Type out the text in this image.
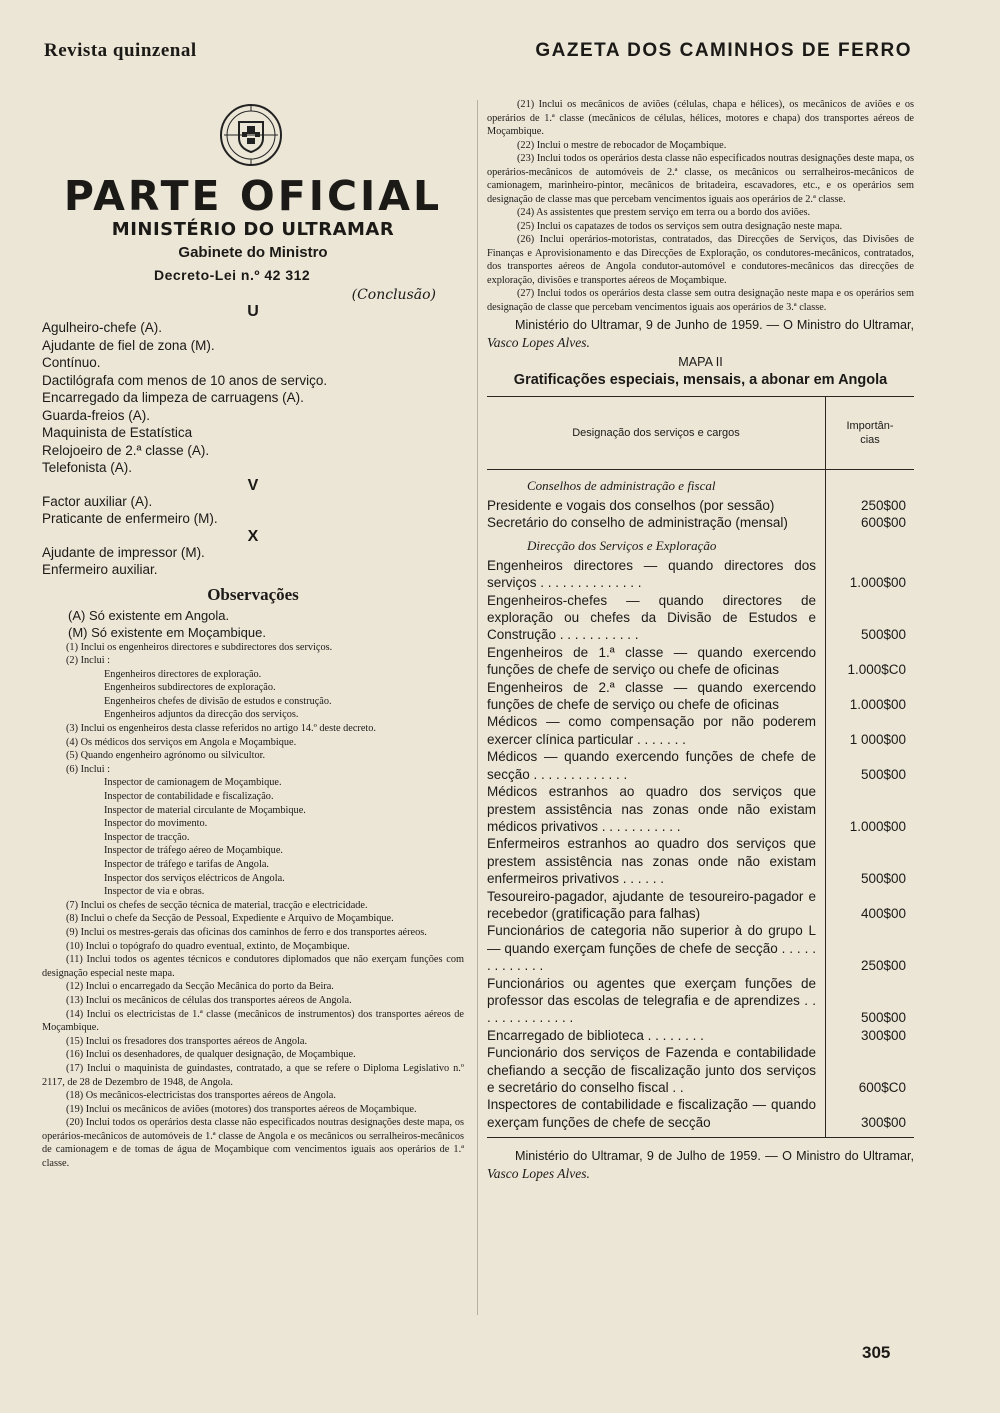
Revista quinzenal	GAZETA DOS CAMINHOS DE FERRO
PARTE OFICIAL
MINISTÉRIO DO ULTRAMAR
Gabinete do Ministro
Decreto-Lei n.º 42 312
(Conclusão)
U
Agulheiro-chefe (A).
Ajudante de fiel de zona (M).
Contínuo.
Dactilógrafa com menos de 10 anos de serviço.
Encarregado da limpeza de carruagens (A).
Guarda-freios (A).
Maquinista de Estatística
Relojoeiro de 2.ª classe (A).
Telefonista (A).
V
Factor auxiliar (A).
Praticante de enfermeiro (M).
X
Ajudante de impressor (M).
Enfermeiro auxiliar.
Observações
(A) Só existente em Angola.
(M) Só existente em Moçambique.
(1) Inclui os engenheiros directores e subdirectores dos serviços.
(2) Inclui :
Engenheiros directores de exploração.
Engenheiros subdirectores de exploração.
Engenheiros chefes de divisão de estudos e construção.
Engenheiros adjuntos da direcção dos serviços.
(3) Inclui os engenheiros desta classe referidos no artigo 14.º deste decreto.
(4) Os médicos dos serviços em Angola e Moçambique.
(5) Quando engenheiro agrónomo ou silvicultor.
(6) Inclui :
Inspector de camionagem de Moçambique.
Inspector de contabilidade e fiscalização.
Inspector de material circulante de Moçambique.
Inspector do movimento.
Inspector de tracção.
Inspector de tráfego aéreo de Moçambique.
Inspector de tráfego e tarifas de Angola.
Inspector dos serviços eléctricos de Angola.
Inspector de via e obras.
(7) Inclui os chefes de secção técnica de material, tracção e electricidade.
(8) Inclui o chefe da Secção de Pessoal, Expediente e Arquivo de Moçambique.
(9) Inclui os mestres-gerais das oficinas dos caminhos de ferro e dos transportes aéreos.
(10) Inclui o topógrafo do quadro eventual, extinto, de Moçambique.
(11) Inclui todos os agentes técnicos e condutores diplomados que não exerçam funções com designação especial neste mapa.
(12) Inclui o encarregado da Secção Mecânica do porto da Beira.
(13) Inclui os mecânicos de células dos transportes aéreos de Angola.
(14) Inclui os electricistas de 1.ª classe (mecânicos de instrumentos) dos transportes aéreos de Moçambique.
(15) Inclui os fresadores dos transportes aéreos de Angola.
(16) Inclui os desenhadores, de qualquer designação, de Moçambique.
(17) Inclui o maquinista de guindastes, contratado, a que se refere o Diploma Legislativo n.º 2117, de 28 de Dezembro de 1948, de Angola.
(18) Os mecânicos-electricistas dos transportes aéreos de Angola.
(19) Inclui os mecânicos de aviões (motores) dos transportes aéreos de Moçambique.
(20) Inclui todos os operários desta classe não especificados noutras designações deste mapa, os operários-mecânicos de automóveis de 1.ª classe de Angola e os mecânicos ou serralheiros-mecânicos de camionagem e de tomas de água de Moçambique com vencimentos iguais aos operários de 1.ª classe.
(21) Inclui os mecânicos de aviões (células, chapa e hélices), os mecânicos de aviões e os operários de 1.ª classe (mecânicos de células, hélices, motores e chapa) dos transportes aéreos de Moçambique.
(22) Inclui o mestre de rebocador de Moçambique.
(23) Inclui todos os operários desta classe não especificados noutras designações deste mapa, os operários-mecânicos de automóveis de 2.ª classe, os mecânicos ou serralheiros-mecânicos de camionagem, marinheiro-pintor, mecânicos de britadeira, escavadores, etc., e os operários sem designação de classe mas que percebam vencimentos iguais aos operários de 2.ª classe.
(24) As assistentes que prestem serviço em terra ou a bordo dos aviões.
(25) Inclui os capatazes de todos os serviços sem outra designação neste mapa.
(26) Inclui operários-motoristas, contratados, das Direcções de Serviços, das Divisões de Finanças e Aprovisionamento e das Direcções de Exploração, os condutores-mecânicos, contratados, dos transportes aéreos de Angola condutor-automóvel e condutores-mecânicos das direcções de exploração, divisões e transportes aéreos de Moçambique.
(27) Inclui todos os operários desta classe sem outra designação neste mapa e os operários sem designação de classe que percebam vencimentos iguais aos operários de 3.ª classe.
Ministério do Ultramar, 9 de Junho de 1959. — O Ministro do Ultramar, Vasco Lopes Alves.
MAPA II
Gratificações especiais, mensais, a abonar em Angola
Designação dos serviços e cargos
Importân-
cias
Conselhos de administração e fiscal
Presidente e vogais dos conselhos (por sessão)	250$00
Secretário do conselho de administração (mensal)	600$00
Direcção dos Serviços e Exploração
Engenheiros directores — quando directores dos serviços . . . . . . . . . . . . . .	1.000$00
Engenheiros-chefes — quando directores de exploração ou chefes da Divisão de Estudos e Construção . . . . . . . . . . .	500$00
Engenheiros de 1.ª classe — quando exercendo funções de chefe de serviço ou chefe de oficinas	1.000$C0
Engenheiros de 2.ª classe — quando exercendo funções de chefe de serviço ou chefe de oficinas	1.000$00
Médicos — como compensação por não poderem exercer clínica particular . . . . . . .	1 000$00
Médicos — quando exercendo funções de chefe de secção . . . . . . . . . . . . .	500$00
Médicos estranhos ao quadro dos serviços que prestem assistência nas zonas onde não existam médicos privativos . . . . . . . . . . .	1.000$00
Enfermeiros estranhos ao quadro dos serviços que prestem assistência nas zonas onde não existam enfermeiros privativos . . . . . .	500$00
Tesoureiro-pagador, ajudante de tesoureiro-pagador e recebedor (gratificação para falhas)	400$00
Funcionários de categoria não superior à do grupo L — quando exerçam funções de chefe de secção . . . . . . . . . . . . .	250$00
Funcionários ou agentes que exerçam funções de professor das escolas de telegrafia e de aprendizes . . . . . . . . . . . . . .	500$00
Encarregado de biblioteca . . . . . . . .	300$00
Funcionário dos serviços de Fazenda e contabilidade chefiando a secção de fiscalização junto dos serviços e secretário do conselho fiscal . .	600$C0
Inspectores de contabilidade e fiscalização — quando exerçam funções de chefe de secção	300$00
Ministério do Ultramar, 9 de Julho de 1959. — O Ministro do Ultramar, Vasco Lopes Alves.
305
